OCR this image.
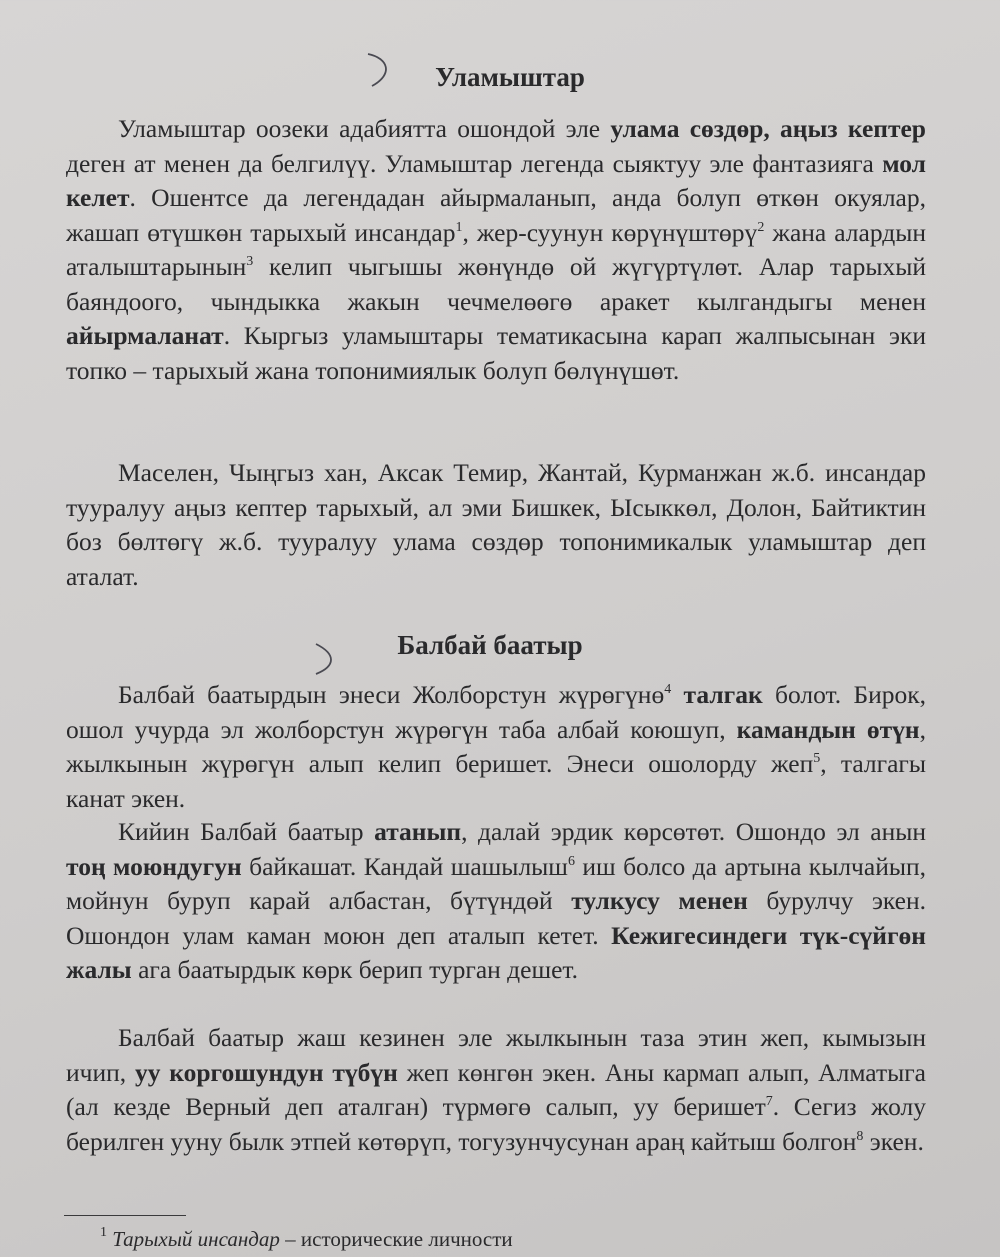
Уламыштар

Уламыштар оозеки адабиятта ошондой эле улама сөздөр, аңыз кептер деген ат менен да белгилүү. Уламыштар легенда сыяктуу эле фантазияга мол келет. Ошентсе да легендадан айырмаланып, анда болуп өткөн окуялар, жашап өтүшкөн тарыхый инсандар$^1$, жер-суунун көрүнүштөрү$^2$ жана алардын аталыштарынын$^3$ келип чыгышы жөнүндө ой жүгүртүлөт. Алар тарыхый баяндоого, чындыкка жакын чечмелөөгө аракет кылгандыгы менен айырмаланат. Кыргыз уламыштары тематикасына карап жалпысынан эки топко – тарыхый жана топонимиялык болуп бөлүнүшөт.

Маселен, Чыңгыз хан, Аксак Темир, Жантай, Курманжан ж.б. инсандар тууралуу аңыз кептер тарыхый, ал эми Бишкек, Ысыккөл, Долон, Байтиктин боз бөлтөгү ж.б. тууралуу улама сөздөр топонимикалык уламыштар деп аталат.

Балбай баатыр

Балбай баатырдын энеси Жолборстун жүрөгүнө$^4$ талгак болот. Бирок, ошол учурда эл жолборстун жүрөгүн таба албай коюшуп, камандын өтүн, жылкынын жүрөгүн алып келип беришет. Энеси ошолорду жеп$^5$, талгагы канат экен.

Кийин Балбай баатыр атанып, далай эрдик көрсөтөт. Ошондо эл анын тоң моюндугун байкашат. Кандай шашылыш$^6$ иш болсо да артына кылчайып, мойнун буруп карай албастан, бүтүндөй тулкусу менен бурулчу экен. Ошондон улам каман моюн деп аталып кетет. Кежигесиндеги түк-сүйгөн жалы ага баатырдык көрк берип турган дешет.

Балбай баатыр жаш кезинен эле жылкынын таза этин жеп, кымызын ичип, уу коргошундун түбүн жеп көнгөн экен. Аны кармап алып, Алматыга (ал кезде Верный деп аталган) түрмөгө салып, уу беришет$^7$. Сегиз жолу берилген ууну былк этпей көтөрүп, тогузунчусунан араң кайтыш болгон$^8$ экен.

$^1$ Тарыхый инсандар – исторические личности
